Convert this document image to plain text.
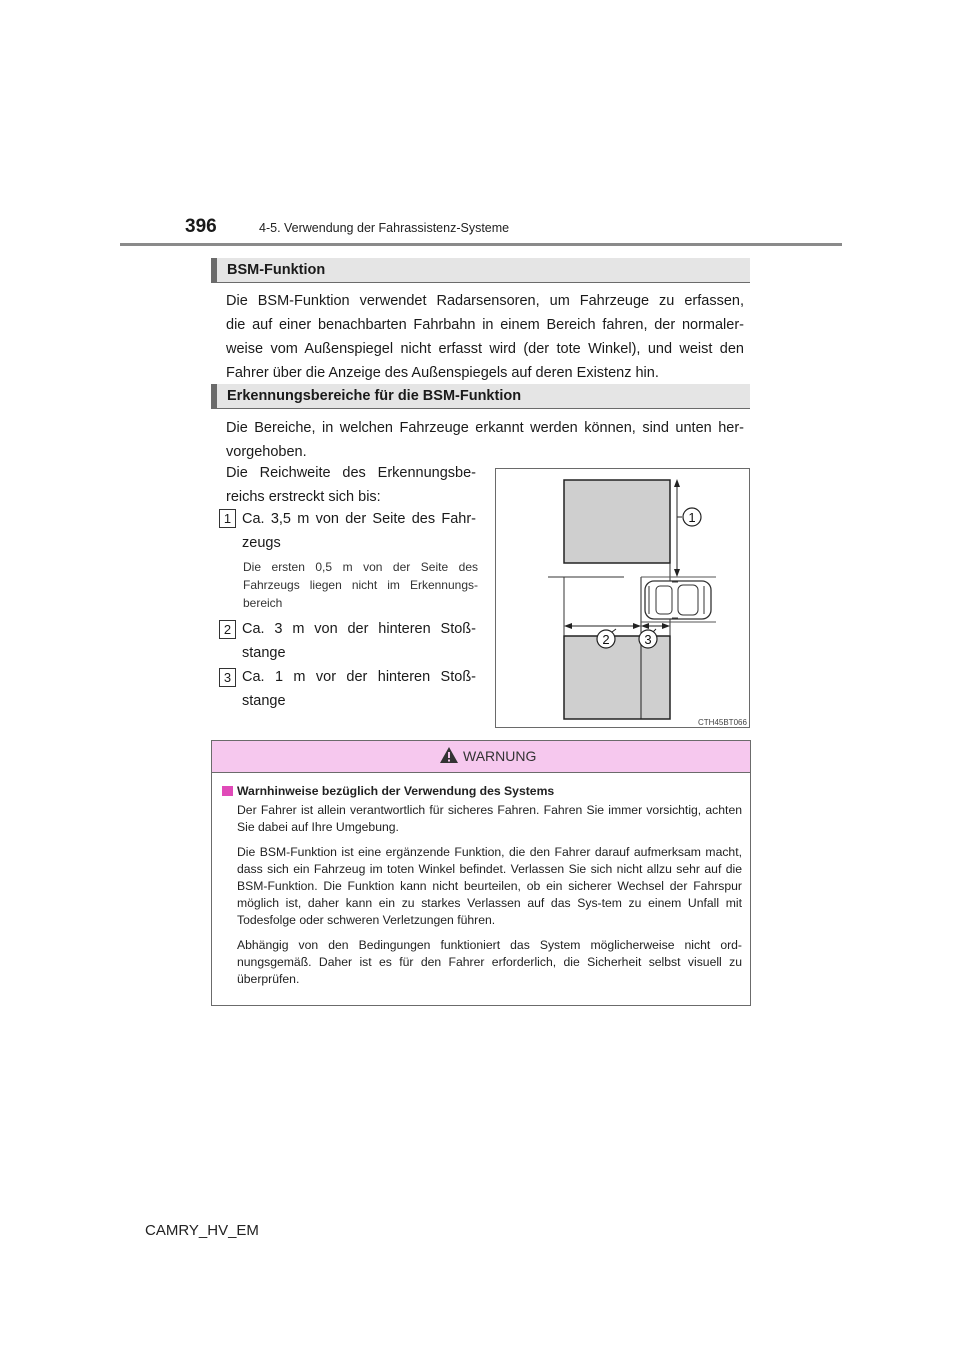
396	4-5. Verwendung der Fahrassistenz-Systeme
BSM-Funktion
Die BSM-Funktion verwendet Radarsensoren, um Fahrzeuge zu erfassen,
die auf einer benachbarten Fahrbahn in einem Bereich fahren, der normaler-
weise vom Außenspiegel nicht erfasst wird (der tote Winkel), und weist den
Fahrer über die Anzeige des Außenspiegels auf deren Existenz hin.
Erkennungsbereiche für die BSM-Funktion
Die Bereiche, in welchen Fahrzeuge erkannt werden können, sind unten her-
vorgehoben.
Die Reichweite des Erkennungsbe-
reichs erstreckt sich bis:
1 Ca. 3,5 m von der Seite des Fahr-
zeugs
Die ersten 0,5 m von der Seite des
Fahrzeugs liegen nicht im Erkennungs-
bereich
2 Ca. 3 m von der hinteren Stoß-
stange
3 Ca. 1 m vor der hinteren Stoß-
stange
1
2	3
CTH45BT066
WARNUNG
Warnhinweise bezüglich der Verwendung des Systems
Der Fahrer ist allein verantwortlich für sicheres Fahren. Fahren Sie immer vorsichtig, achten Sie dabei auf Ihre Umgebung.
Die BSM-Funktion ist eine ergänzende Funktion, die den Fahrer darauf aufmerksam macht, dass sich ein Fahrzeug im toten Winkel befindet. Verlassen Sie sich nicht allzu sehr auf die BSM-Funktion. Die Funktion kann nicht beurteilen, ob ein sicherer Wechsel der Fahrspur möglich ist, daher kann ein zu starkes Verlassen auf das Sys-tem zu einem Unfall mit Todesfolge oder schweren Verletzungen führen.
Abhängig von den Bedingungen funktioniert das System möglicherweise nicht ord-nungsgemäß. Daher ist es für den Fahrer erforderlich, die Sicherheit selbst visuell zu überprüfen.
CAMRY_HV_EM
